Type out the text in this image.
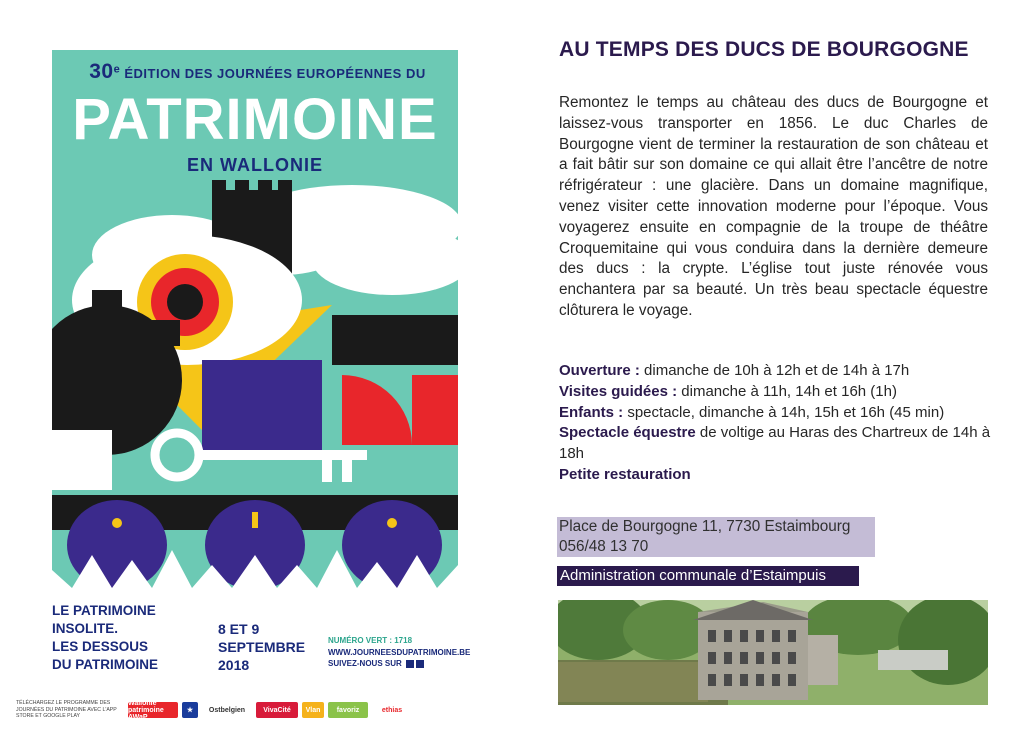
30e ÉDITION DES JOURNÉES EUROPÉENNES DU
PATRIMOINE
EN WALLONIE
LE PATRIMOINE
INSOLITE.
LES DESSOUS
DU PATRIMOINE
8 ET 9
SEPTEMBRE
2018
NUMÉRO VERT : 1718
WWW.JOURNEESDUPATRIMOINE.BE
SUIVEZ-NOUS SUR
TÉLÉCHARGEZ LE PROGRAMME DES JOURNÉES DU PATRIMOINE AVEC L'APP STORE ET GOOGLE PLAY
Wallonie patrimoine AWaP
★	Ostbelgien	VivaCité	Vlan	favoriz	ethias
AU TEMPS DES DUCS DE BOURGOGNE
Remontez le temps au château des ducs de Bourgogne et laissez-vous transporter en 1856. Le duc Charles de Bourgogne vient de terminer la restauration de son château et a fait bâtir sur son domaine ce qui allait être l’ancêtre de notre réfrigérateur : une glacière. Dans un domaine magnifique, venez visiter cette innovation moderne pour l’époque. Vous voyagerez ensuite en compagnie de la troupe de théâtre Croquemitaine qui vous conduira dans la dernière demeure des ducs : la crypte. L’église tout juste rénovée vous enchantera par sa beauté. Un très beau spectacle équestre clôturera le voyage.
Ouverture : dimanche de 10h à 12h et de 14h à 17h
Visites guidées : dimanche à 11h, 14h et 16h (1h)
Enfants : spectacle, dimanche à 14h, 15h et 16h (45 min)
Spectacle équestre de voltige au Haras des Chartreux de 14h à 18h
Petite restauration
Place de Bourgogne 11, 7730 Estaimbourg
056/48 13 70
Administration communale d’Estaimpuis
